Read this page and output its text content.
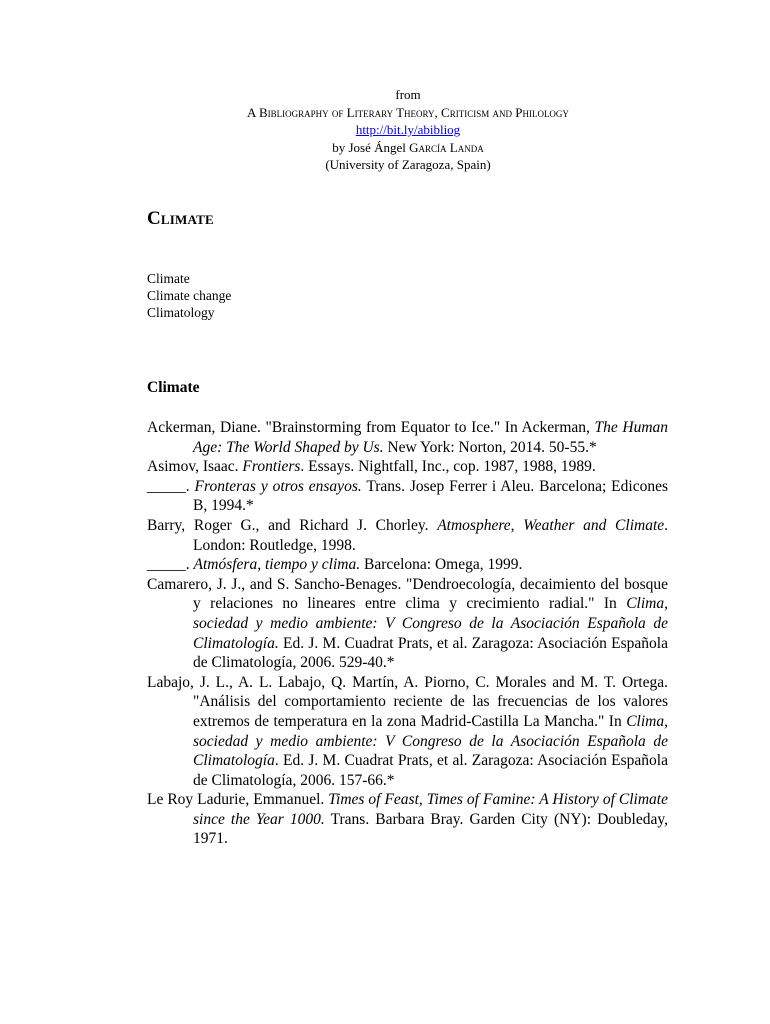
from
A Bibliography of Literary Theory, Criticism and Philology
http://bit.ly/abibliog
by José Ángel García Landa
(University of Zaragoza, Spain)
Climate
Climate
Climate change
Climatology
Climate

Ackerman, Diane. "Brainstorming from Equator to Ice." In Ackerman, The Human Age: The World Shaped by Us. New York: Norton, 2014. 50-55.*

Asimov, Isaac. Frontiers. Essays. Nightfall, Inc., cop. 1987, 1988, 1989.

_____. Fronteras y otros ensayos. Trans. Josep Ferrer i Aleu. Barcelona; Edicones B, 1994.*

Barry, Roger G., and Richard J. Chorley. Atmosphere, Weather and Climate. London: Routledge, 1998.

_____. Atmósfera, tiempo y clima. Barcelona: Omega, 1999.

Camarero, J. J., and S. Sancho-Benages. "Dendroecología, decaimiento del bosque y relaciones no lineares entre clima y crecimiento radial." In Clima, sociedad y medio ambiente: V Congreso de la Asociación Española de Climatología. Ed. J. M. Cuadrat Prats, et al. Zaragoza: Asociación Española de Climatología, 2006. 529-40.*

Labajo, J. L., A. L. Labajo, Q. Martín, A. Piorno, C. Morales and M. T. Ortega. "Análisis del comportamiento reciente de las frecuencias de los valores extremos de temperatura en la zona Madrid-Castilla La Mancha." In Clima, sociedad y medio ambiente: V Congreso de la Asociación Española de Climatología. Ed. J. M. Cuadrat Prats, et al. Zaragoza: Asociación Española de Climatología, 2006. 157-66.*

Le Roy Ladurie, Emmanuel. Times of Feast, Times of Famine: A History of Climate since the Year 1000. Trans. Barbara Bray. Garden City (NY): Doubleday, 1971.
